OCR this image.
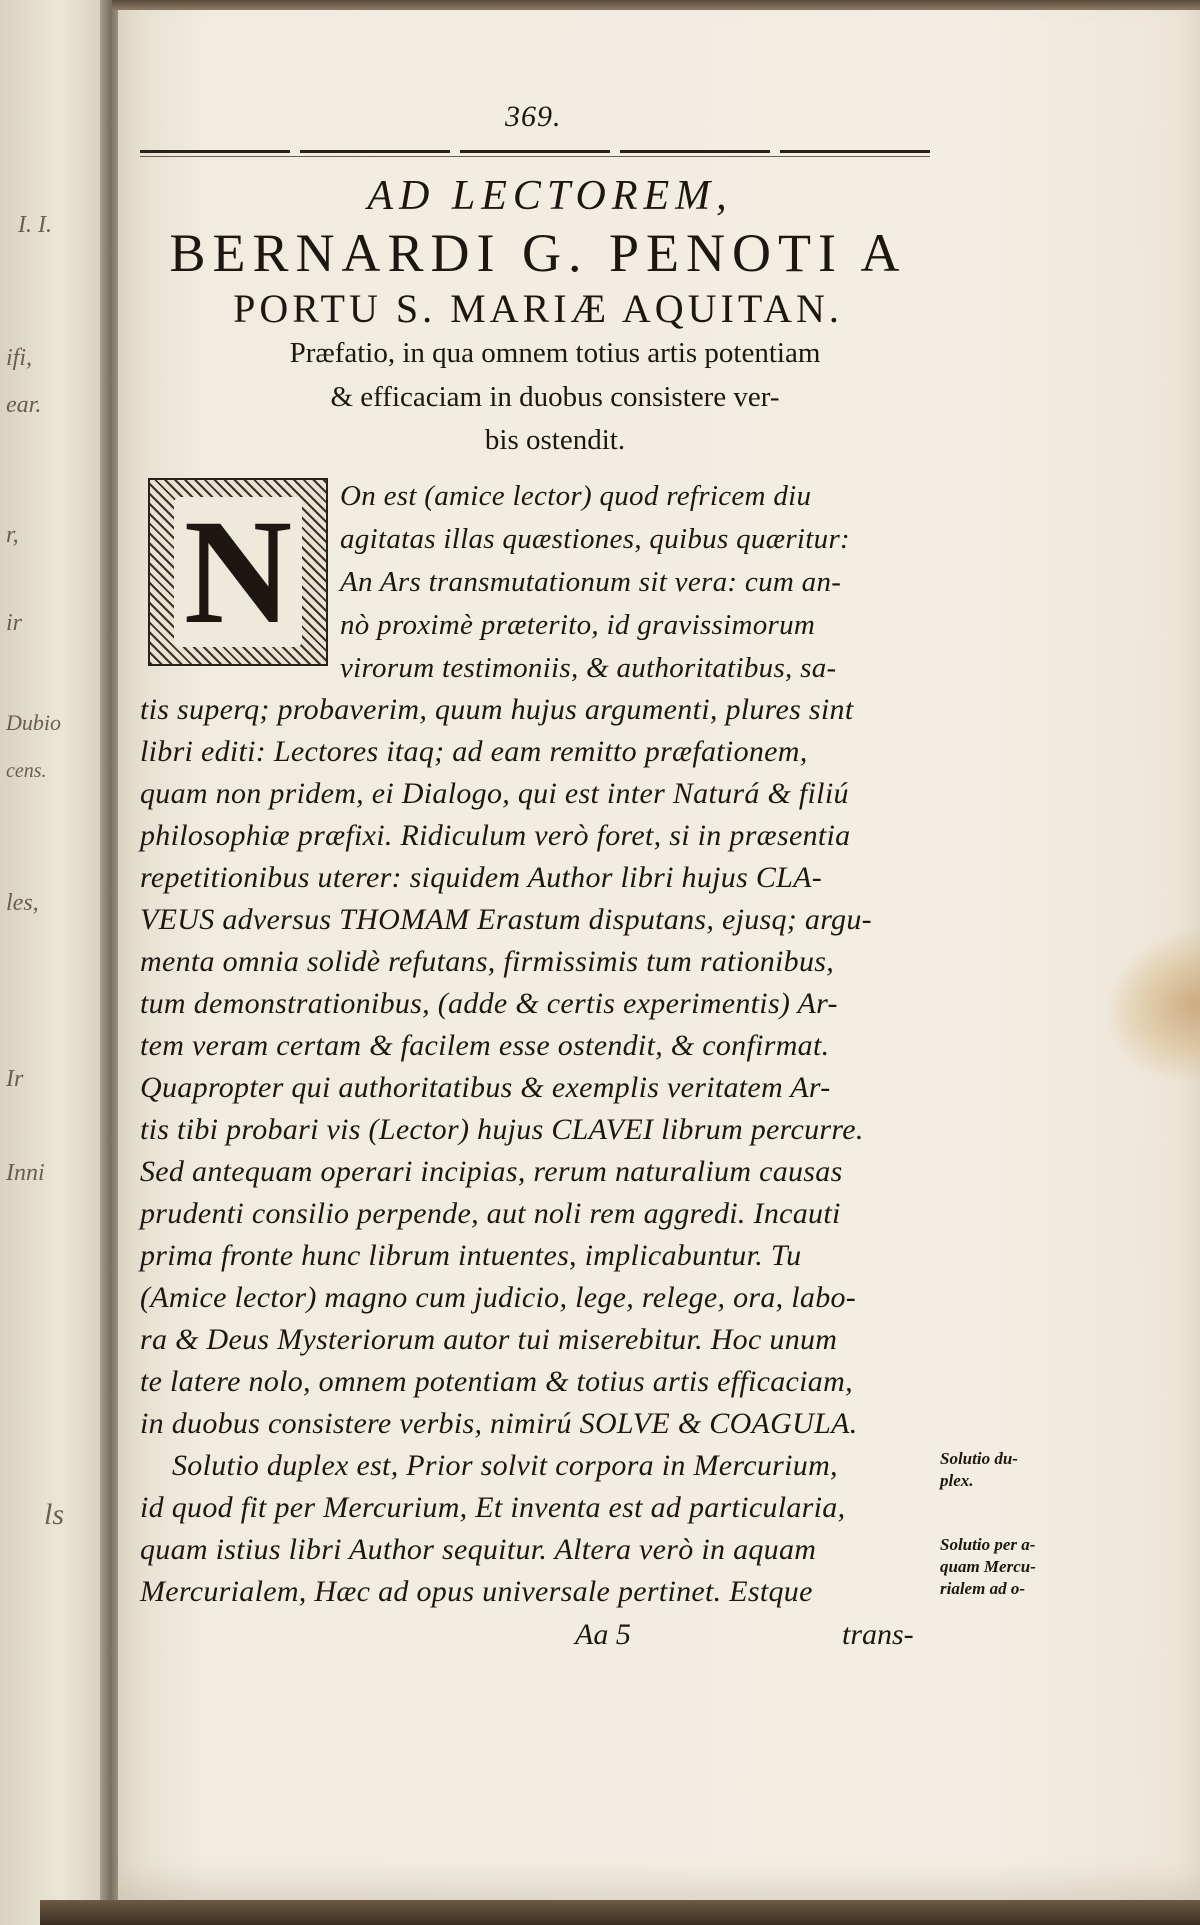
I. I.
ifi,
ear.
r,
ir
Dubio
cens.
les,
Ir
Inni
ls
369.
AD LECTOREM,
BERNARDI G. PENOTI A
PORTU S. MARIÆ AQUITAN.
Præfatio, in qua omnem totius artis potentiam
& efficaciam in duobus consistere ver-
bis ostendit.
N	On est (amice lector) quod refricem diu
agitatas illas quæstiones, quibus quæritur:
An Ars transmutationum sit vera: cum an-
nò proximè præterito, id gravissimorum
virorum testimoniis, & authoritatibus, sa-
tis superq; probaverim, quum hujus argumenti, plures sint
libri editi: Lectores itaq; ad eam remitto præfationem,
quam non pridem, ei Dialogo, qui est inter Naturá & filiú
philosophiæ præfixi. Ridiculum verò foret, si in præsentia
repetitionibus uterer: siquidem Author libri hujus CLA-
VEUS adversus THOMAM Erastum disputans, ejusq; argu-
menta omnia solidè refutans, firmissimis tum rationibus,
tum demonstrationibus, (adde & certis experimentis) Ar-
tem veram certam & facilem esse ostendit, & confirmat.
Quapropter qui authoritatibus & exemplis veritatem Ar-
tis tibi probari vis (Lector) hujus CLAVEI librum percurre.
Sed antequam operari incipias, rerum naturalium causas
prudenti consilio perpende, aut noli rem aggredi. Incauti
prima fronte hunc librum intuentes, implicabuntur. Tu
(Amice lector) magno cum judicio, lege, relege, ora, labo-
ra & Deus Mysteriorum autor tui miserebitur. Hoc unum
te latere nolo, omnem potentiam & totius artis efficaciam,
in duobus consistere verbis, nimirú SOLVE & COAGULA.
Solutio duplex est, Prior solvit corpora in Mercurium,
id quod fit per Mercurium, Et inventa est ad particularia,
quam istius libri Author sequitur. Altera verò in aquam
Mercurialem, Hæc ad opus universale pertinet. Estque
Solutio du-
plex.
Solutio per a-
quam Mercu-
rialem ad o-
Aa 5	trans-
